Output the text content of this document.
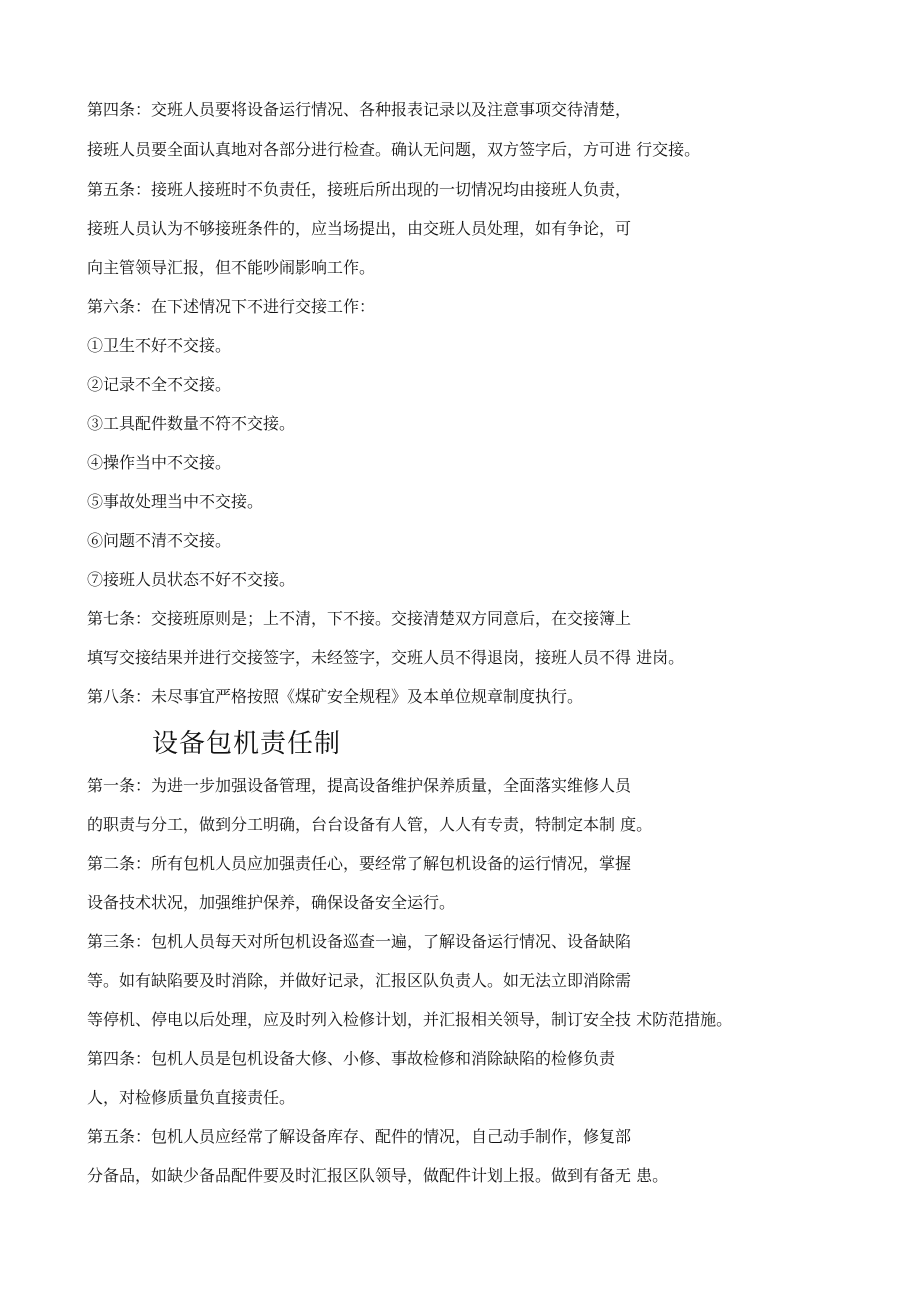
第四条：交班人员要将设备运行情况、各种报表记录以及注意事项交待清楚，
接班人员要全面认真地对各部分进行检查。确认无问题，双方签字后，方可进 行交接。
第五条：接班人接班时不负责任，接班后所出现的一切情况均由接班人负责，
接班人员认为不够接班条件的，应当场提出，由交班人员处理，如有争论，可
向主管领导汇报，但不能吵闹影响工作。
第六条：在下述情况下不进行交接工作：
①卫生不好不交接。
②记录不全不交接。
③工具配件数量不符不交接。
④操作当中不交接。
⑤事故处理当中不交接。
⑥问题不清不交接。
⑦接班人员状态不好不交接。
第七条：交接班原则是；上不清，下不接。交接清楚双方同意后，在交接簿上
填写交接结果并进行交接签字，未经签字，交班人员不得退岗，接班人员不得 进岗。
第八条：未尽事宜严格按照《煤矿安全规程》及本单位规章制度执行。
设备包机责任制
第一条：为进一步加强设备管理，提高设备维护保养质量，全面落实维修人员
的职责与分工，做到分工明确，台台设备有人管，人人有专责，特制定本制 度。
第二条：所有包机人员应加强责任心，要经常了解包机设备的运行情况，掌握
设备技术状况，加强维护保养，确保设备安全运行。
第三条：包机人员每天对所包机设备巡查一遍，了解设备运行情况、设备缺陷
等。如有缺陷要及时消除，并做好记录，汇报区队负责人。如无法立即消除需
等停机、停电以后处理，应及时列入检修计划，并汇报相关领导，制订安全技 术防范措施。
第四条：包机人员是包机设备大修、小修、事故检修和消除缺陷的检修负责
人，对检修质量负直接责任。
第五条：包机人员应经常了解设备库存、配件的情况，自己动手制作，修复部
分备品，如缺少备品配件要及时汇报区队领导，做配件计划上报。做到有备无 患。
